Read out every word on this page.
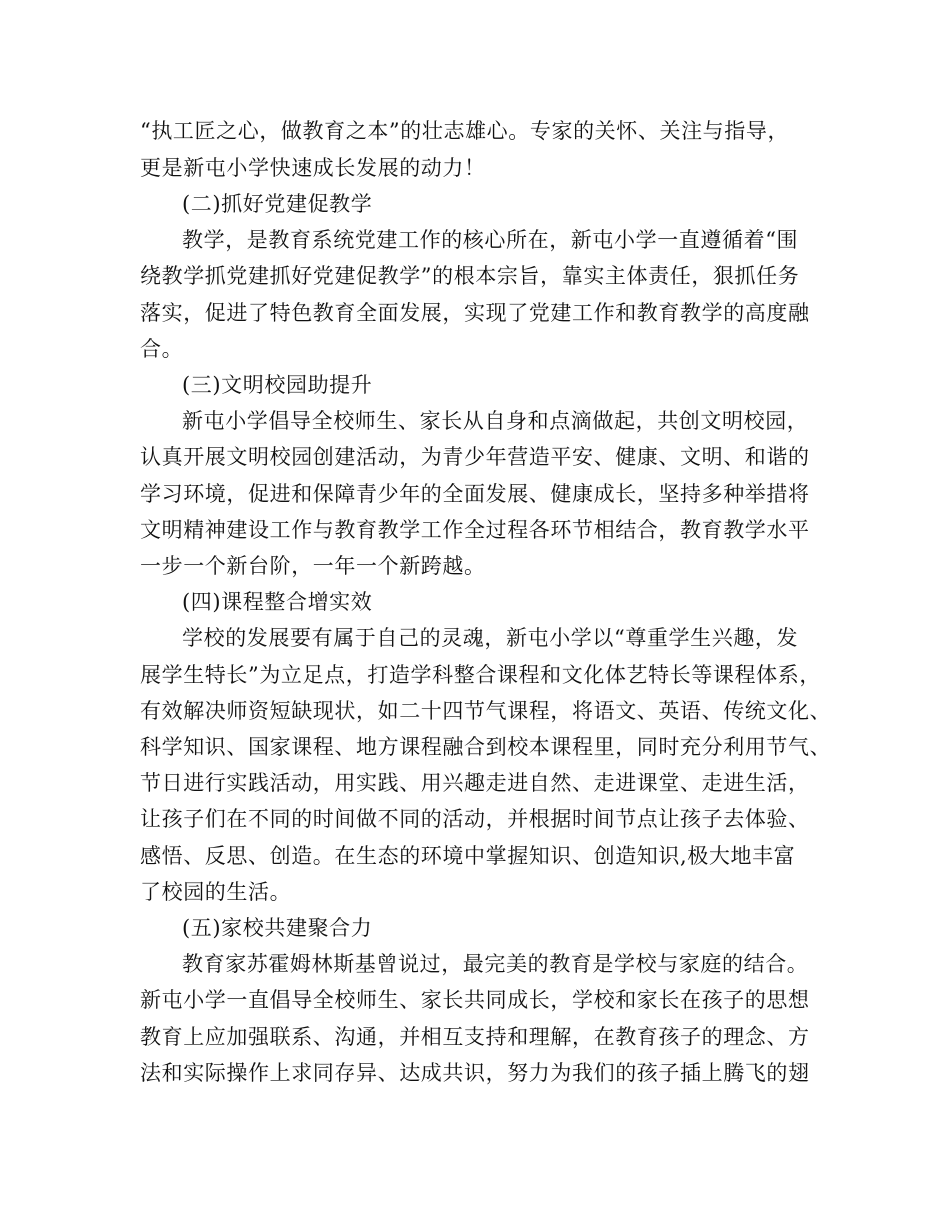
“执工匠之心，做教育之本”的壮志雄心。专家的关怀、关注与指导，
更是新屯小学快速成长发展的动力！
(二)抓好党建促教学
教学，是教育系统党建工作的核心所在，新屯小学一直遵循着“围
绕教学抓党建抓好党建促教学”的根本宗旨，靠实主体责任，狠抓任务
落实，促进了特色教育全面发展，实现了党建工作和教育教学的高度融
合。
(三)文明校园助提升
新屯小学倡导全校师生、家长从自身和点滴做起，共创文明校园，
认真开展文明校园创建活动，为青少年营造平安、健康、文明、和谐的
学习环境，促进和保障青少年的全面发展、健康成长，坚持多种举措将
文明精神建设工作与教育教学工作全过程各环节相结合，教育教学水平
一步一个新台阶，一年一个新跨越。
(四)课程整合增实效
学校的发展要有属于自己的灵魂，新屯小学以“尊重学生兴趣，发
展学生特长”为立足点，打造学科整合课程和文化体艺特长等课程体系，
有效解决师资短缺现状，如二十四节气课程，将语文、英语、传统文化、
科学知识、国家课程、地方课程融合到校本课程里，同时充分利用节气、
节日进行实践活动，用实践、用兴趣走进自然、走进课堂、走进生活，
让孩子们在不同的时间做不同的活动，并根据时间节点让孩子去体验、
感悟、反思、创造。在生态的环境中掌握知识、创造知识,极大地丰富
了校园的生活。
(五)家校共建聚合力
教育家苏霍姆林斯基曾说过，最完美的教育是学校与家庭的结合。
新屯小学一直倡导全校师生、家长共同成长，学校和家长在孩子的思想
教育上应加强联系、沟通，并相互支持和理解，在教育孩子的理念、方
法和实际操作上求同存异、达成共识，努力为我们的孩子插上腾飞的翅
